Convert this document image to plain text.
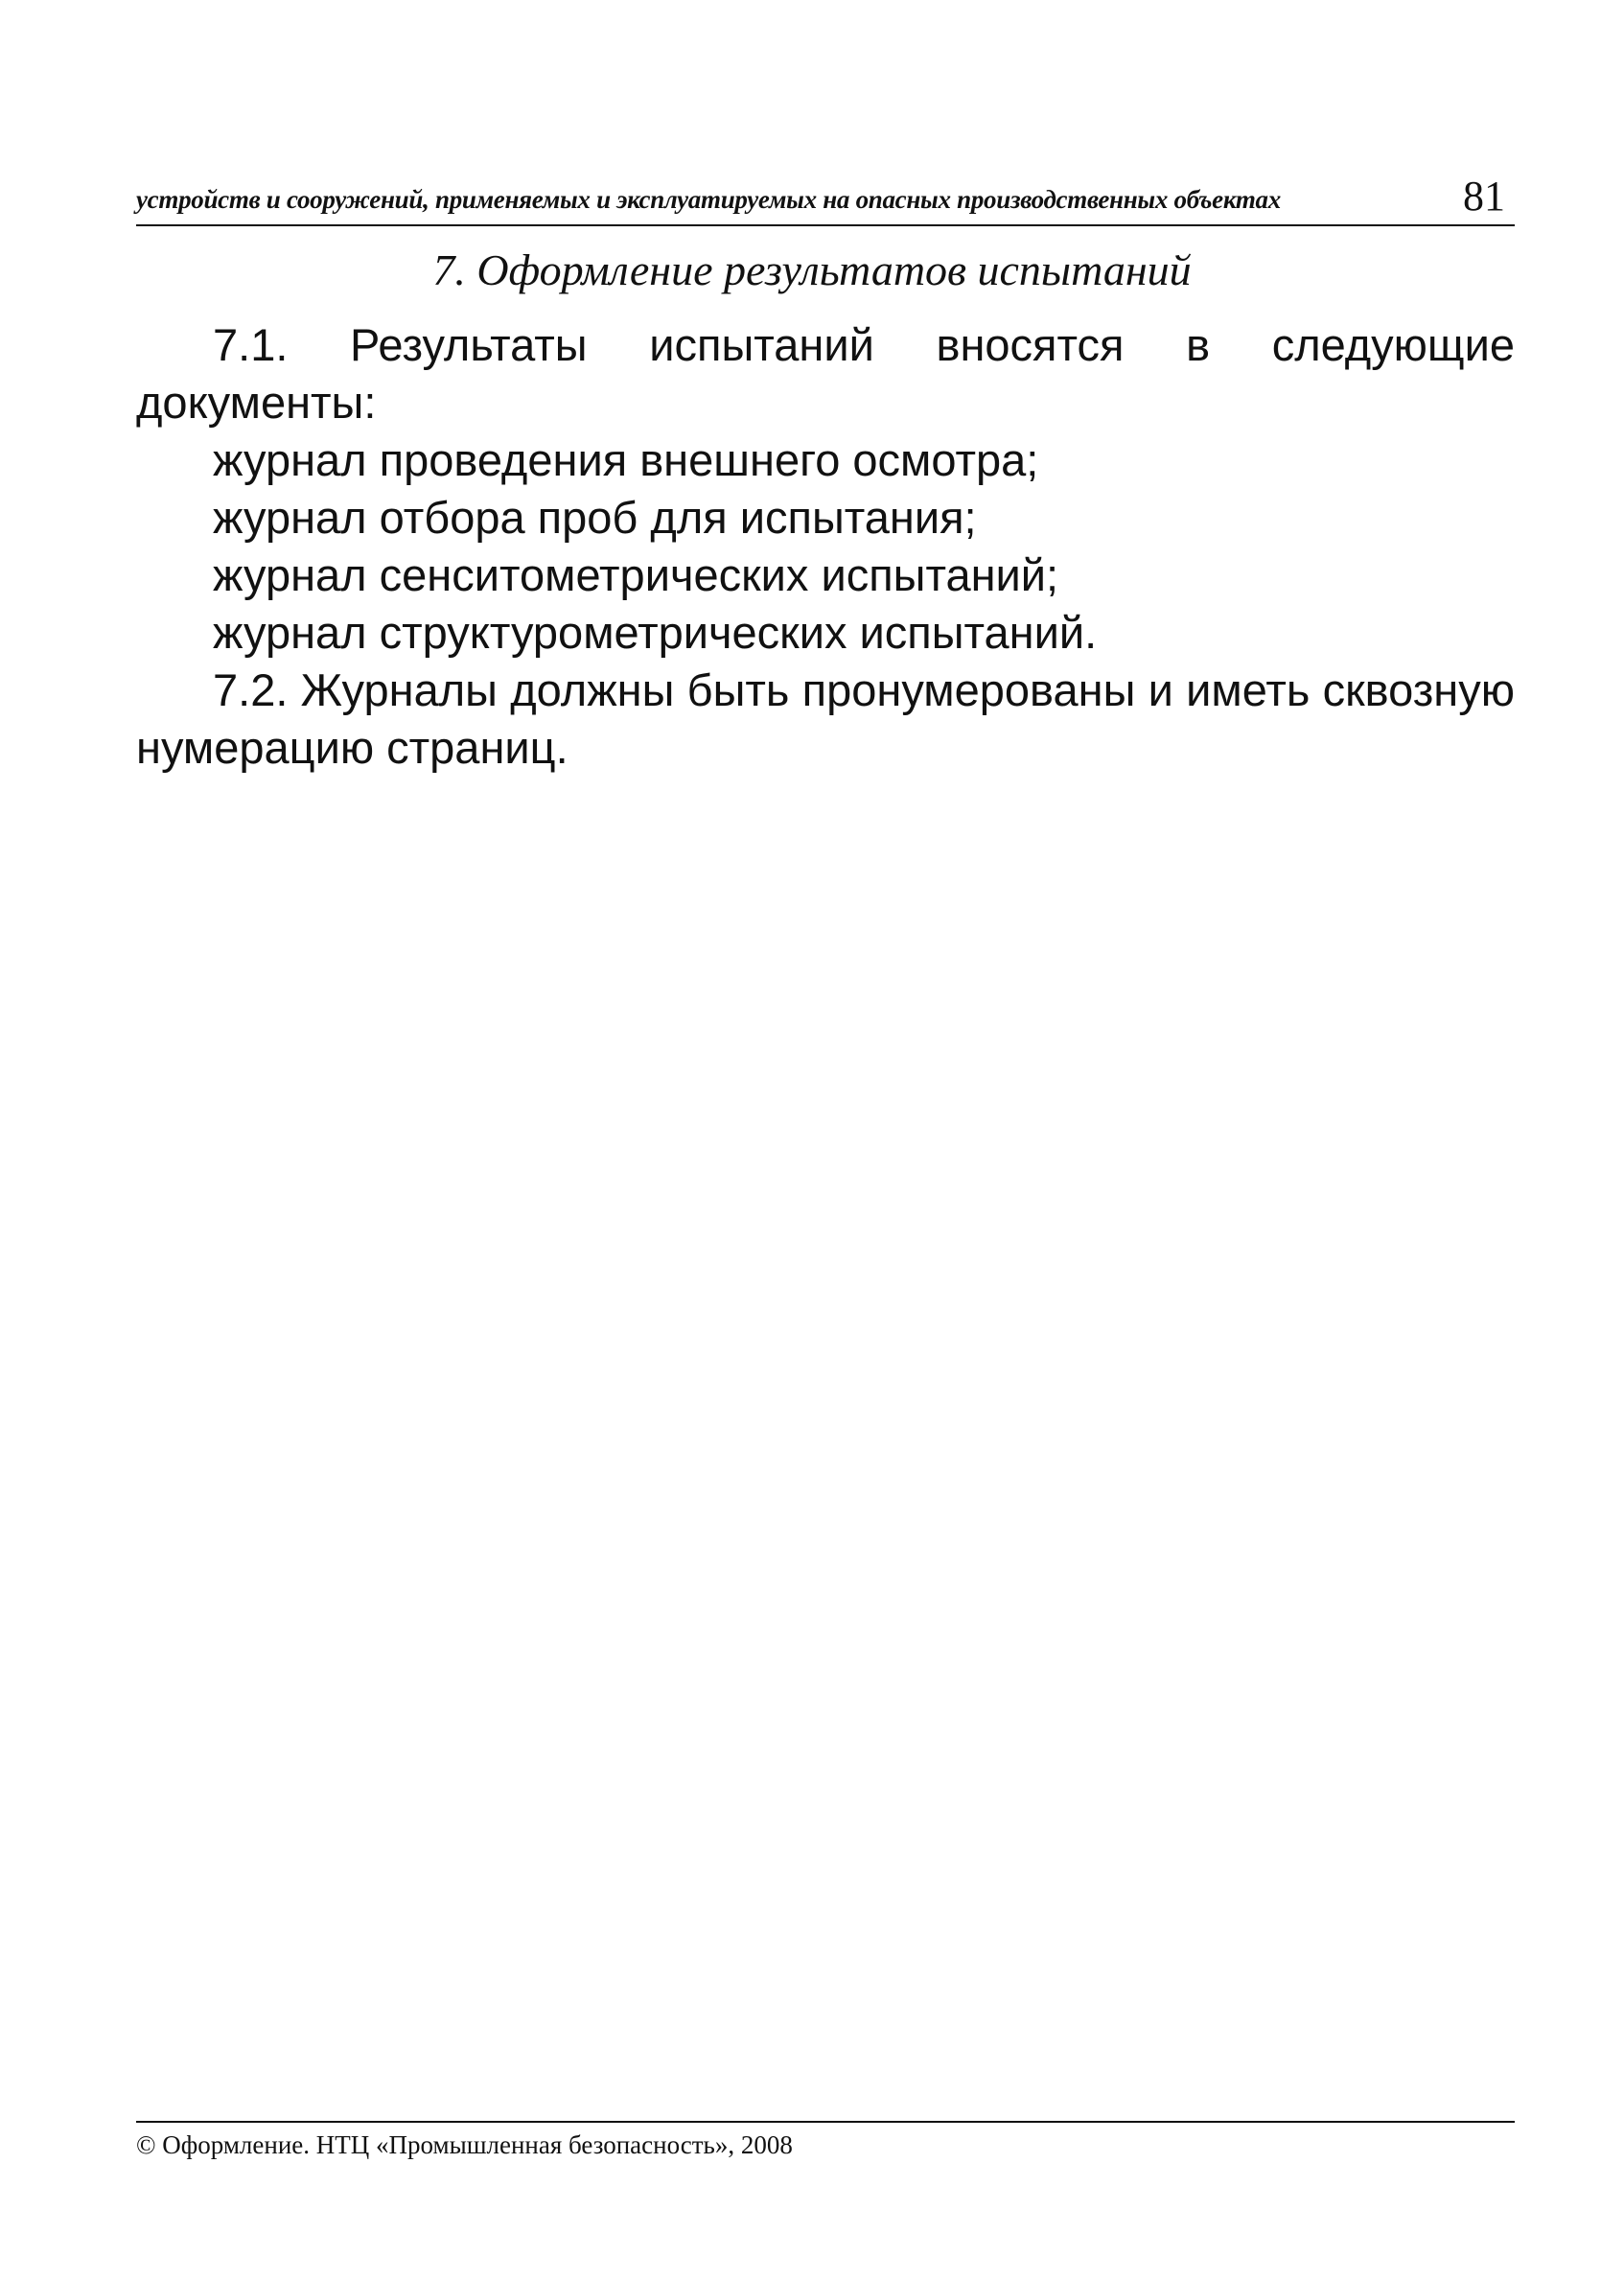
устройств и сооружений, применяемых и эксплуатируемых на опасных производственных объектах	81
7. Оформление результатов испытаний

7.1. Результаты испытаний вносятся в следующие документы:

журнал проведения внешнего осмотра;

журнал отбора проб для испытания;

журнал сенситометрических испытаний;

журнал структурометрических испытаний.

7.2. Журналы должны быть пронумерованы и иметь сквозную нумерацию страниц.

© Оформление. НТЦ «Промышленная безопасность», 2008
